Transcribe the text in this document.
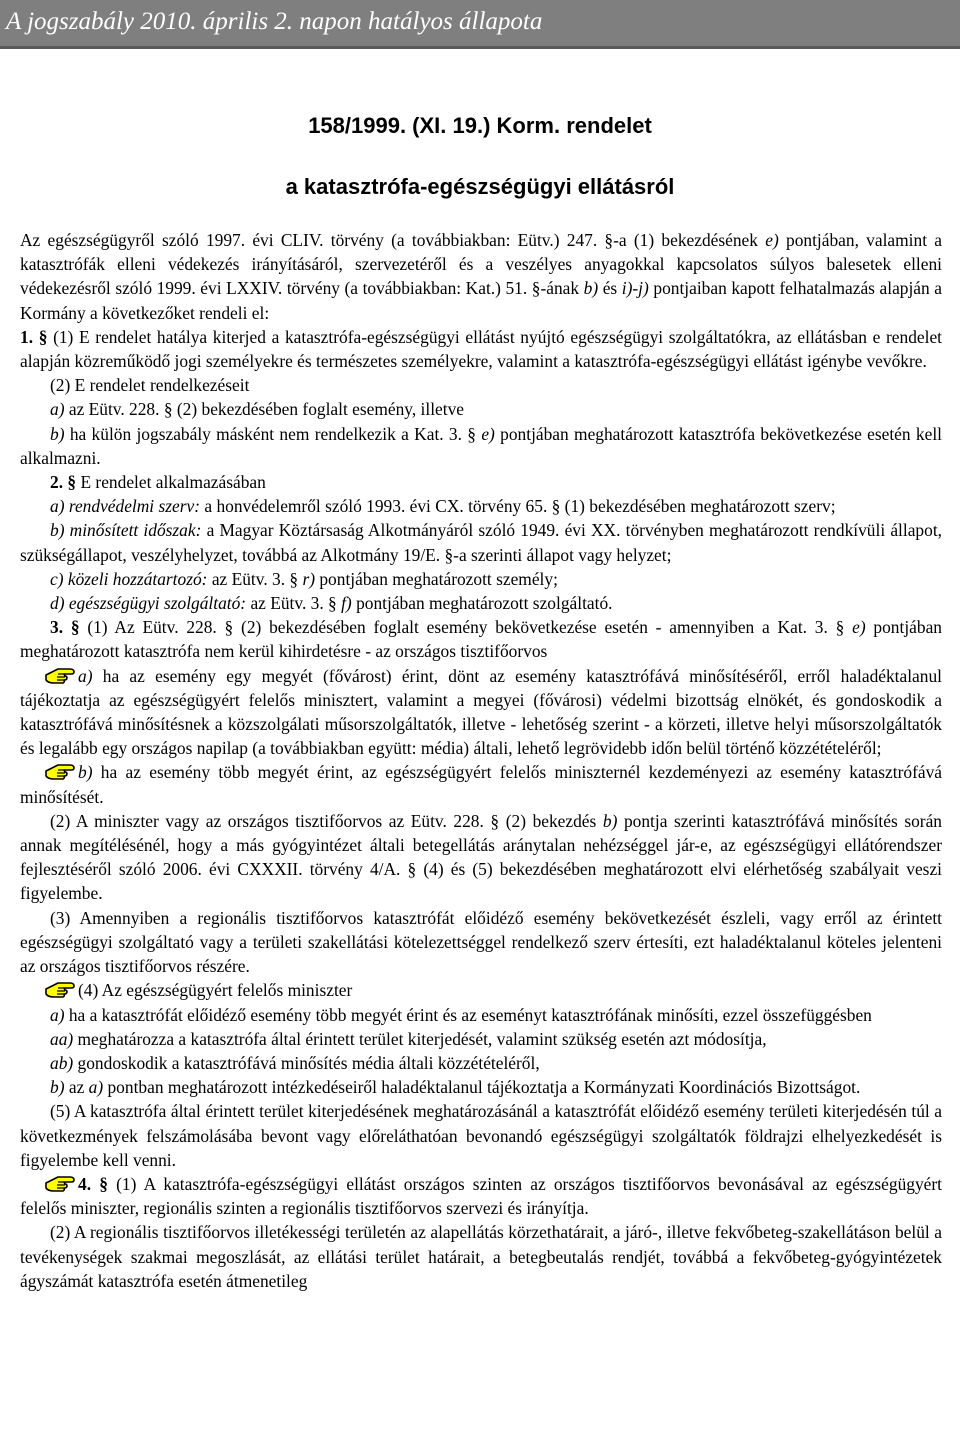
A jogszabály 2010. április 2. napon hatályos állapota
158/1999. (XI. 19.) Korm. rendelet
a katasztrófa-egészségügyi ellátásról

Az egészségügyről szóló 1997. évi CLIV. törvény (a továbbiakban: Eütv.) 247. §-a (1) bekezdésének e) pontjában, valamint a katasztrófák elleni védekezés irányításáról, szervezetéről és a veszélyes anyagokkal kapcsolatos súlyos balesetek elleni védekezésről szóló 1999. évi LXXIV. törvény (a továbbiakban: Kat.) 51. §-ának b) és i)-j) pontjaiban kapott felhatalmazás alapján a Kormány a következőket rendeli el:

1. § (1) E rendelet hatálya kiterjed a katasztrófa-egészségügyi ellátást nyújtó egészségügyi szolgáltatókra, az ellátásban e rendelet alapján közreműködő jogi személyekre és természetes személyekre, valamint a katasztrófa-egészségügyi ellátást igénybe vevőkre.

(2) E rendelet rendelkezéseit

a) az Eütv. 228. § (2) bekezdésében foglalt esemény, illetve

b) ha külön jogszabály másként nem rendelkezik a Kat. 3. § e) pontjában meghatározott katasztrófa bekövetkezése esetén kell alkalmazni.

2. § E rendelet alkalmazásában

a) rendvédelmi szerv: a honvédelemről szóló 1993. évi CX. törvény 65. § (1) bekezdésében meghatározott szerv;

b) minősített időszak: a Magyar Köztársaság Alkotmányáról szóló 1949. évi XX. törvényben meghatározott rendkívüli állapot, szükségállapot, veszélyhelyzet, továbbá az Alkotmány 19/E. §-a szerinti állapot vagy helyzet;

c) közeli hozzátartozó: az Eütv. 3. § r) pontjában meghatározott személy;

d) egészségügyi szolgáltató: az Eütv. 3. § f) pontjában meghatározott szolgáltató.

3. § (1) Az Eütv. 228. § (2) bekezdésében foglalt esemény bekövetkezése esetén - amennyiben a Kat. 3. § e) pontjában meghatározott katasztrófa nem kerül kihirdetésre - az országos tisztifőorvos

a) ha az esemény egy megyét (fővárost) érint, dönt az esemény katasztrófává minősítéséről, erről haladéktalanul tájékoztatja az egészségügyért felelős minisztert, valamint a megyei (fővárosi) védelmi bizottság elnökét, és gondoskodik a katasztrófává minősítésnek a közszolgálati műsorszolgáltatók, illetve - lehetőség szerint - a körzeti, illetve helyi műsorszolgáltatók és legalább egy országos napilap (a továbbiakban együtt: média) általi, lehető legrövidebb időn belül történő közzétételéről;

b) ha az esemény több megyét érint, az egészségügyért felelős miniszternél kezdeményezi az esemény katasztrófává minősítését.

(2) A miniszter vagy az országos tisztifőorvos az Eütv. 228. § (2) bekezdés b) pontja szerinti katasztrófává minősítés során annak megítélésénél, hogy a más gyógyintézet általi betegellátás aránytalan nehézséggel jár-e, az egészségügyi ellátórendszer fejlesztéséről szóló 2006. évi CXXXII. törvény 4/A. § (4) és (5) bekezdésében meghatározott elvi elérhetőség szabályait veszi figyelembe.

(3) Amennyiben a regionális tisztifőorvos katasztrófát előidéző esemény bekövetkezését észleli, vagy erről az érintett egészségügyi szolgáltató vagy a területi szakellátási kötelezettséggel rendelkező szerv értesíti, ezt haladéktalanul köteles jelenteni az országos tisztifőorvos részére.

(4) Az egészségügyért felelős miniszter

a) ha a katasztrófát előidéző esemény több megyét érint és az eseményt katasztrófának minősíti, ezzel összefüggésben

aa) meghatározza a katasztrófa által érintett terület kiterjedését, valamint szükség esetén azt módosítja,

ab) gondoskodik a katasztrófává minősítés média általi közzétételéről,

b) az a) pontban meghatározott intézkedéseiről haladéktalanul tájékoztatja a Kormányzati Koordinációs Bizottságot.

(5) A katasztrófa által érintett terület kiterjedésének meghatározásánál a katasztrófát előidéző esemény területi kiterjedésén túl a következmények felszámolásába bevont vagy előreláthatóan bevonandó egészségügyi szolgáltatók földrajzi elhelyezkedését is figyelembe kell venni.

4. § (1) A katasztrófa-egészségügyi ellátást országos szinten az országos tisztifőorvos bevonásával az egészségügyért felelős miniszter, regionális szinten a regionális tisztifőorvos szervezi és irányítja.

(2) A regionális tisztifőorvos illetékességi területén az alapellátás körzethatárait, a járó-, illetve fekvőbeteg-szakellátáson belül a tevékenységek szakmai megoszlását, az ellátási terület határait, a betegbeutalás rendjét, továbbá a fekvőbeteg-gyógyintézetek ágyszámát katasztrófa esetén átmenetileg
